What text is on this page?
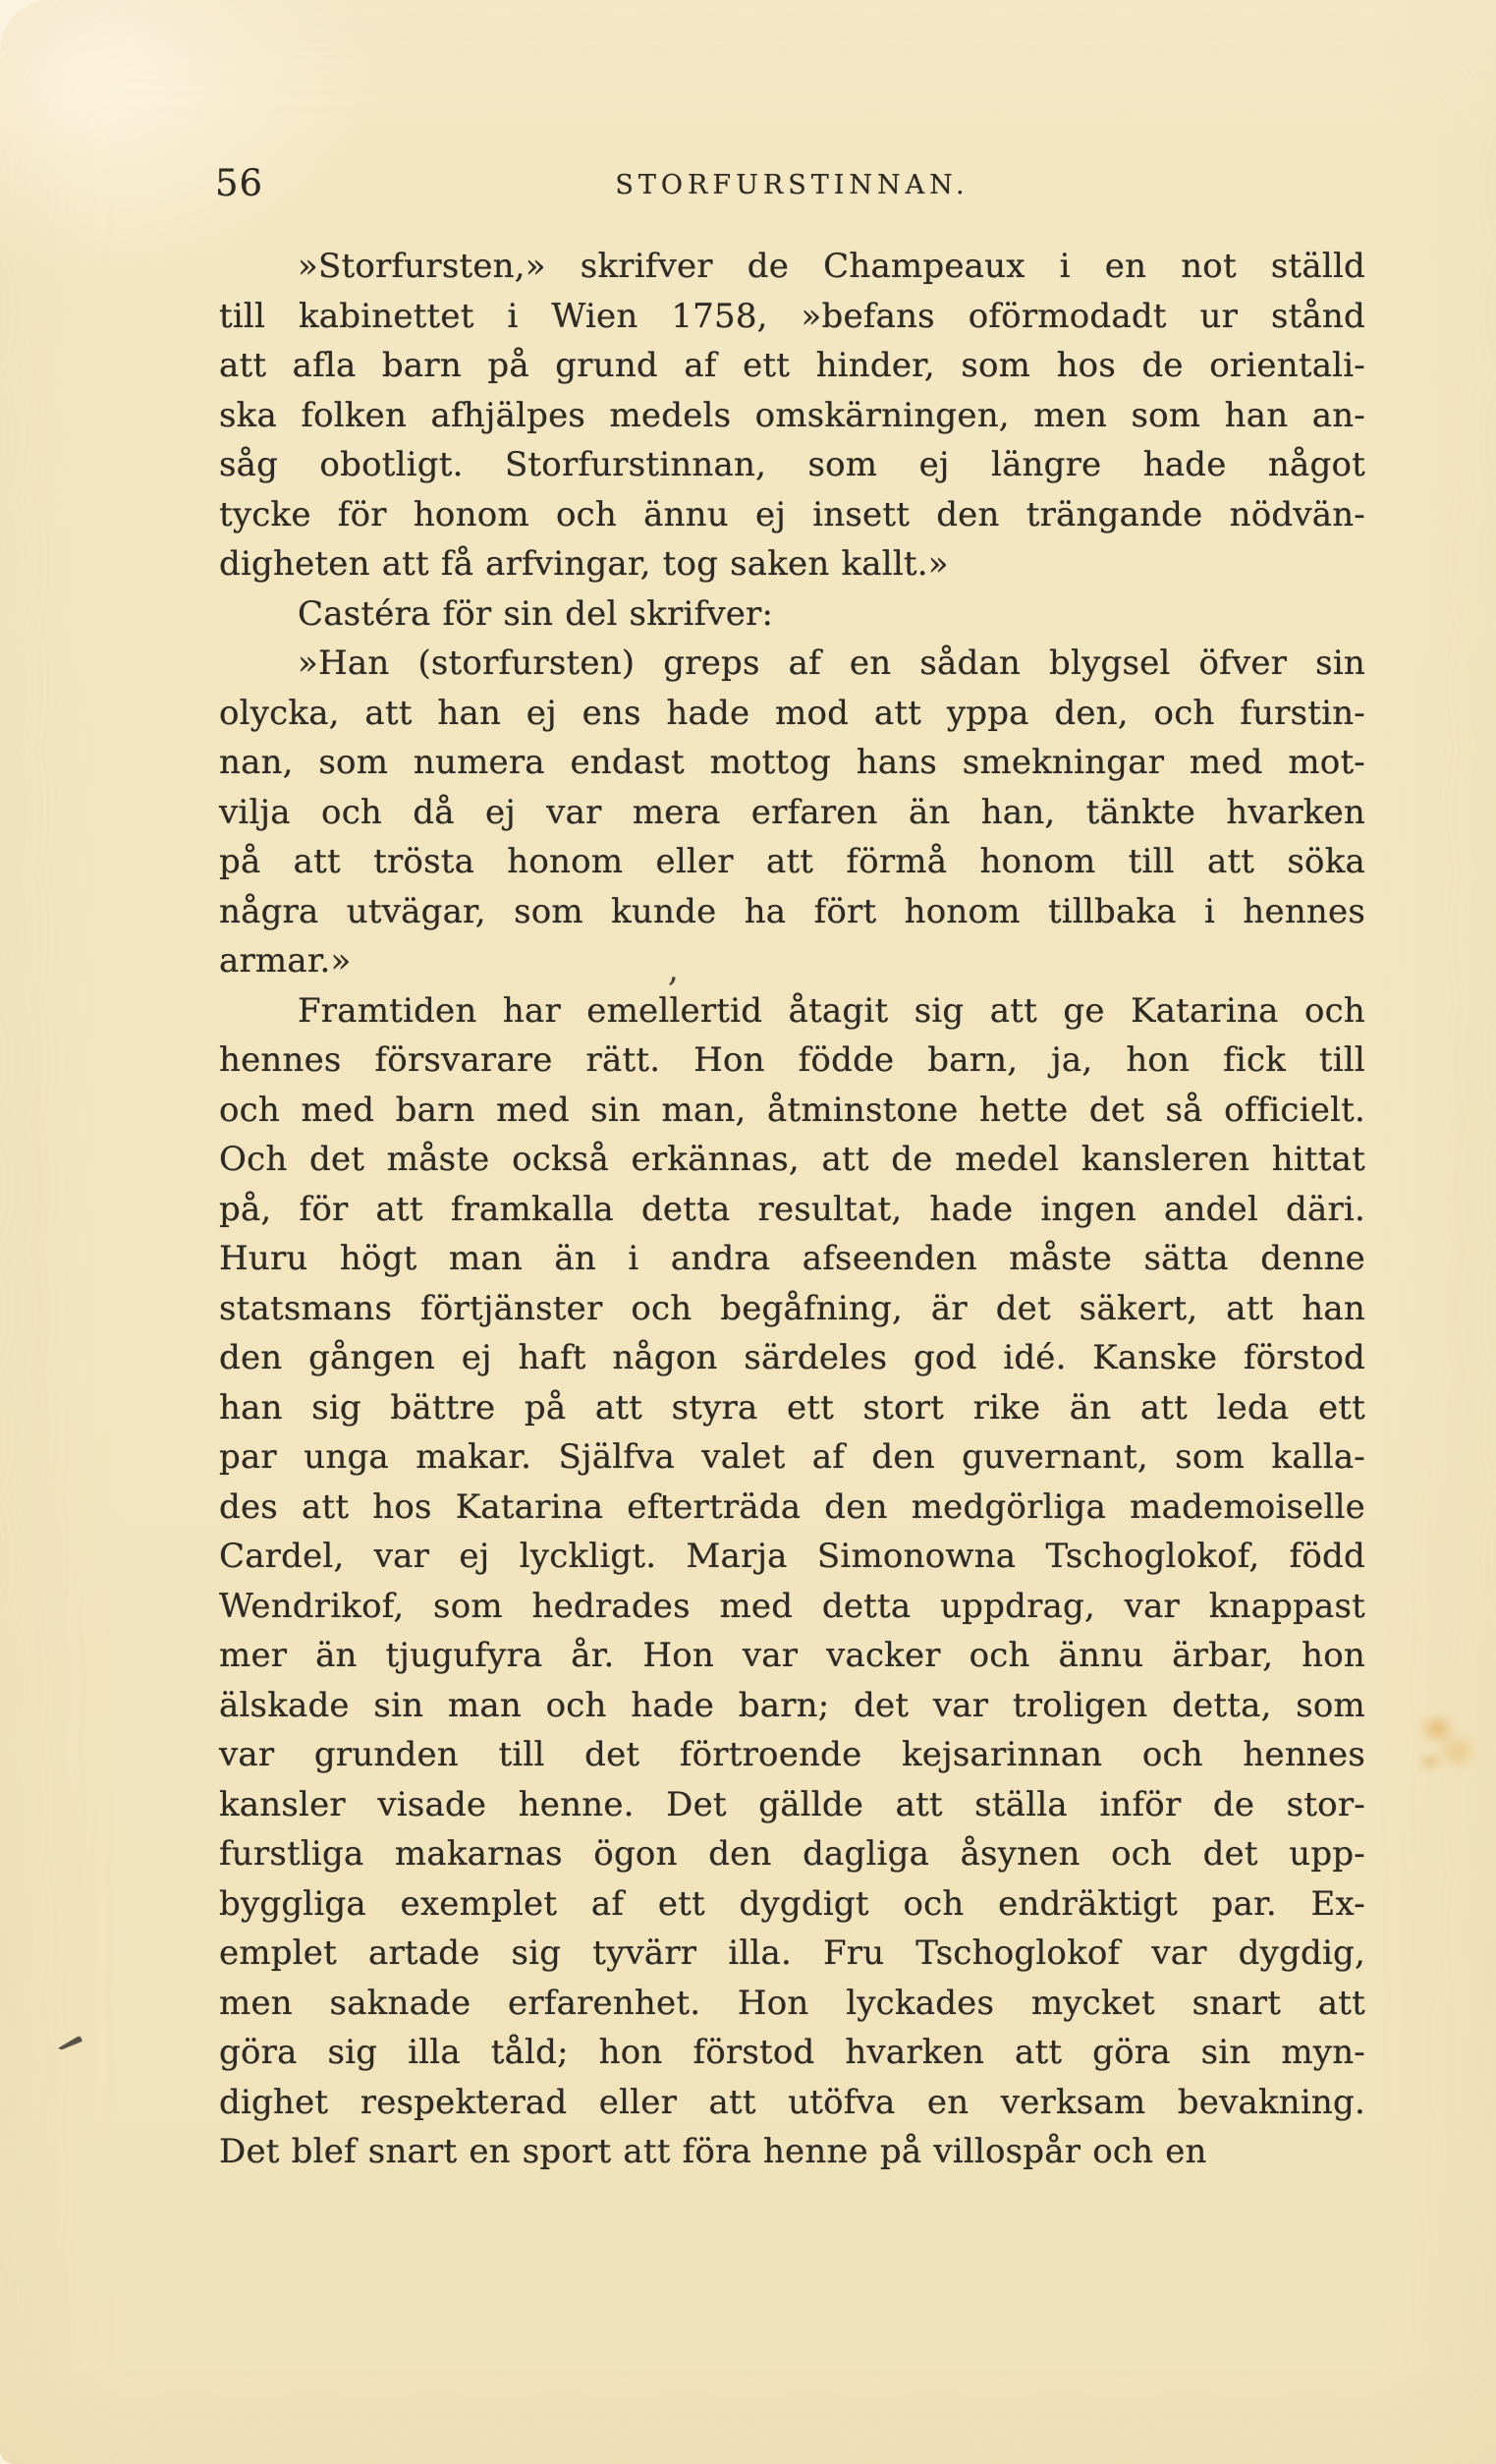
56	STORFURSTINNAN.
»Storfursten,» skrifver de Champeaux i en not ställd
till kabinettet i Wien 1758, »befans oförmodadt ur stånd
att afla barn på grund af ett hinder, som hos de orientali-
ska folken afhjälpes medels omskärningen, men som han an-
såg obotligt. Storfurstinnan, som ej längre hade något
tycke för honom och ännu ej insett den trängande nödvän-
digheten att få arfvingar, tog saken kallt.»
Castéra för sin del skrifver:
»Han (storfursten) greps af en sådan blygsel öfver sin
olycka, att han ej ens hade mod att yppa den, och furstin-
nan, som numera endast mottog hans smekningar med mot-
vilja och då ej var mera erfaren än han, tänkte hvarken
på att trösta honom eller att förmå honom till att söka
några utvägar, som kunde ha fört honom tillbaka i hennes
armar.»
Framtiden har emellertid åtagit sig att ge Katarina och
hennes försvarare rätt. Hon födde barn, ja, hon fick till
och med barn med sin man, åtminstone hette det så officielt.
Och det måste också erkännas, att de medel kansleren hittat
på, för att framkalla detta resultat, hade ingen andel däri.
Huru högt man än i andra afseenden måste sätta denne
statsmans förtjänster och begåfning, är det säkert, att han
den gången ej haft någon särdeles god idé. Kanske förstod
han sig bättre på att styra ett stort rike än att leda ett
par unga makar. Själfva valet af den guvernant, som kalla-
des att hos Katarina efterträda den medgörliga mademoiselle
Cardel, var ej lyckligt. Marja Simonowna Tschoglokof, född
Wendrikof, som hedrades med detta uppdrag, var knappast
mer än tjugufyra år. Hon var vacker och ännu ärbar, hon
älskade sin man och hade barn; det var troligen detta, som
var grunden till det förtroende kejsarinnan och hennes
kansler visade henne. Det gällde att ställa inför de stor-
furstliga makarnas ögon den dagliga åsynen och det upp-
byggliga exemplet af ett dygdigt och endräktigt par. Ex-
emplet artade sig tyvärr illa. Fru Tschoglokof var dygdig,
men saknade erfarenhet. Hon lyckades mycket snart att
göra sig illa tåld; hon förstod hvarken att göra sin myn-
dighet respekterad eller att utöfva en verksam bevakning.
Det blef snart en sport att föra henne på villospår och en
,
